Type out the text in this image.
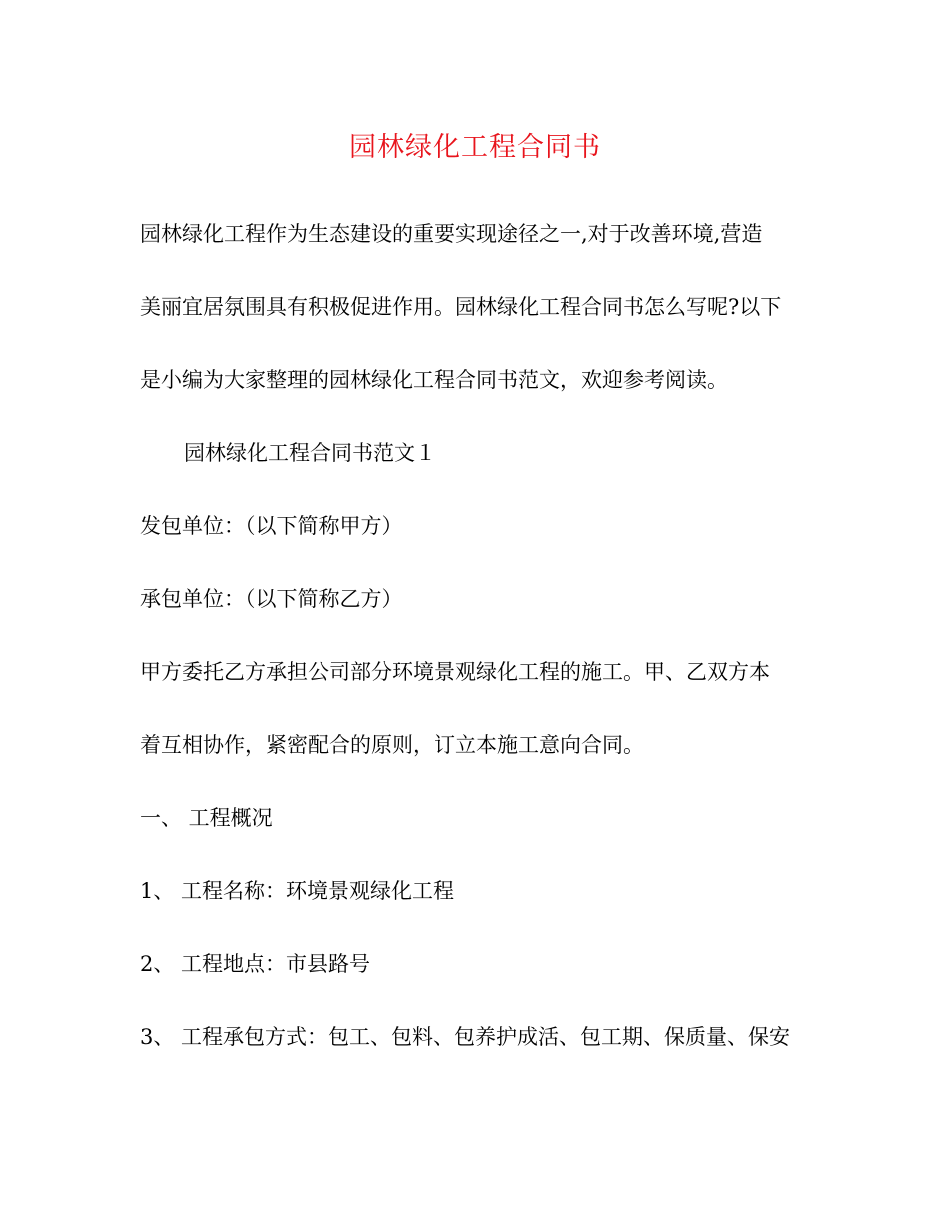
园林绿化工程合同书

园林绿化工程作为生态建设的重要实现途径之一,对于改善环境,营造

美丽宜居氛围具有积极促进作用。园林绿化工程合同书怎么写呢?以下

是小编为大家整理的园林绿化工程合同书范文，欢迎参考阅读。

园林绿化工程合同书范文１

发包单位：（以下简称甲方）

承包单位：（以下简称乙方）

甲方委托乙方承担公司部分环境景观绿化工程的施工。甲、乙双方本

着互相协作，紧密配合的原则，订立本施工意向合同。

一、 工程概况

1、 工程名称：环境景观绿化工程

2、 工程地点：市县路号

3、 工程承包方式：包工、包料、包养护成活、包工期、保质量、保安
